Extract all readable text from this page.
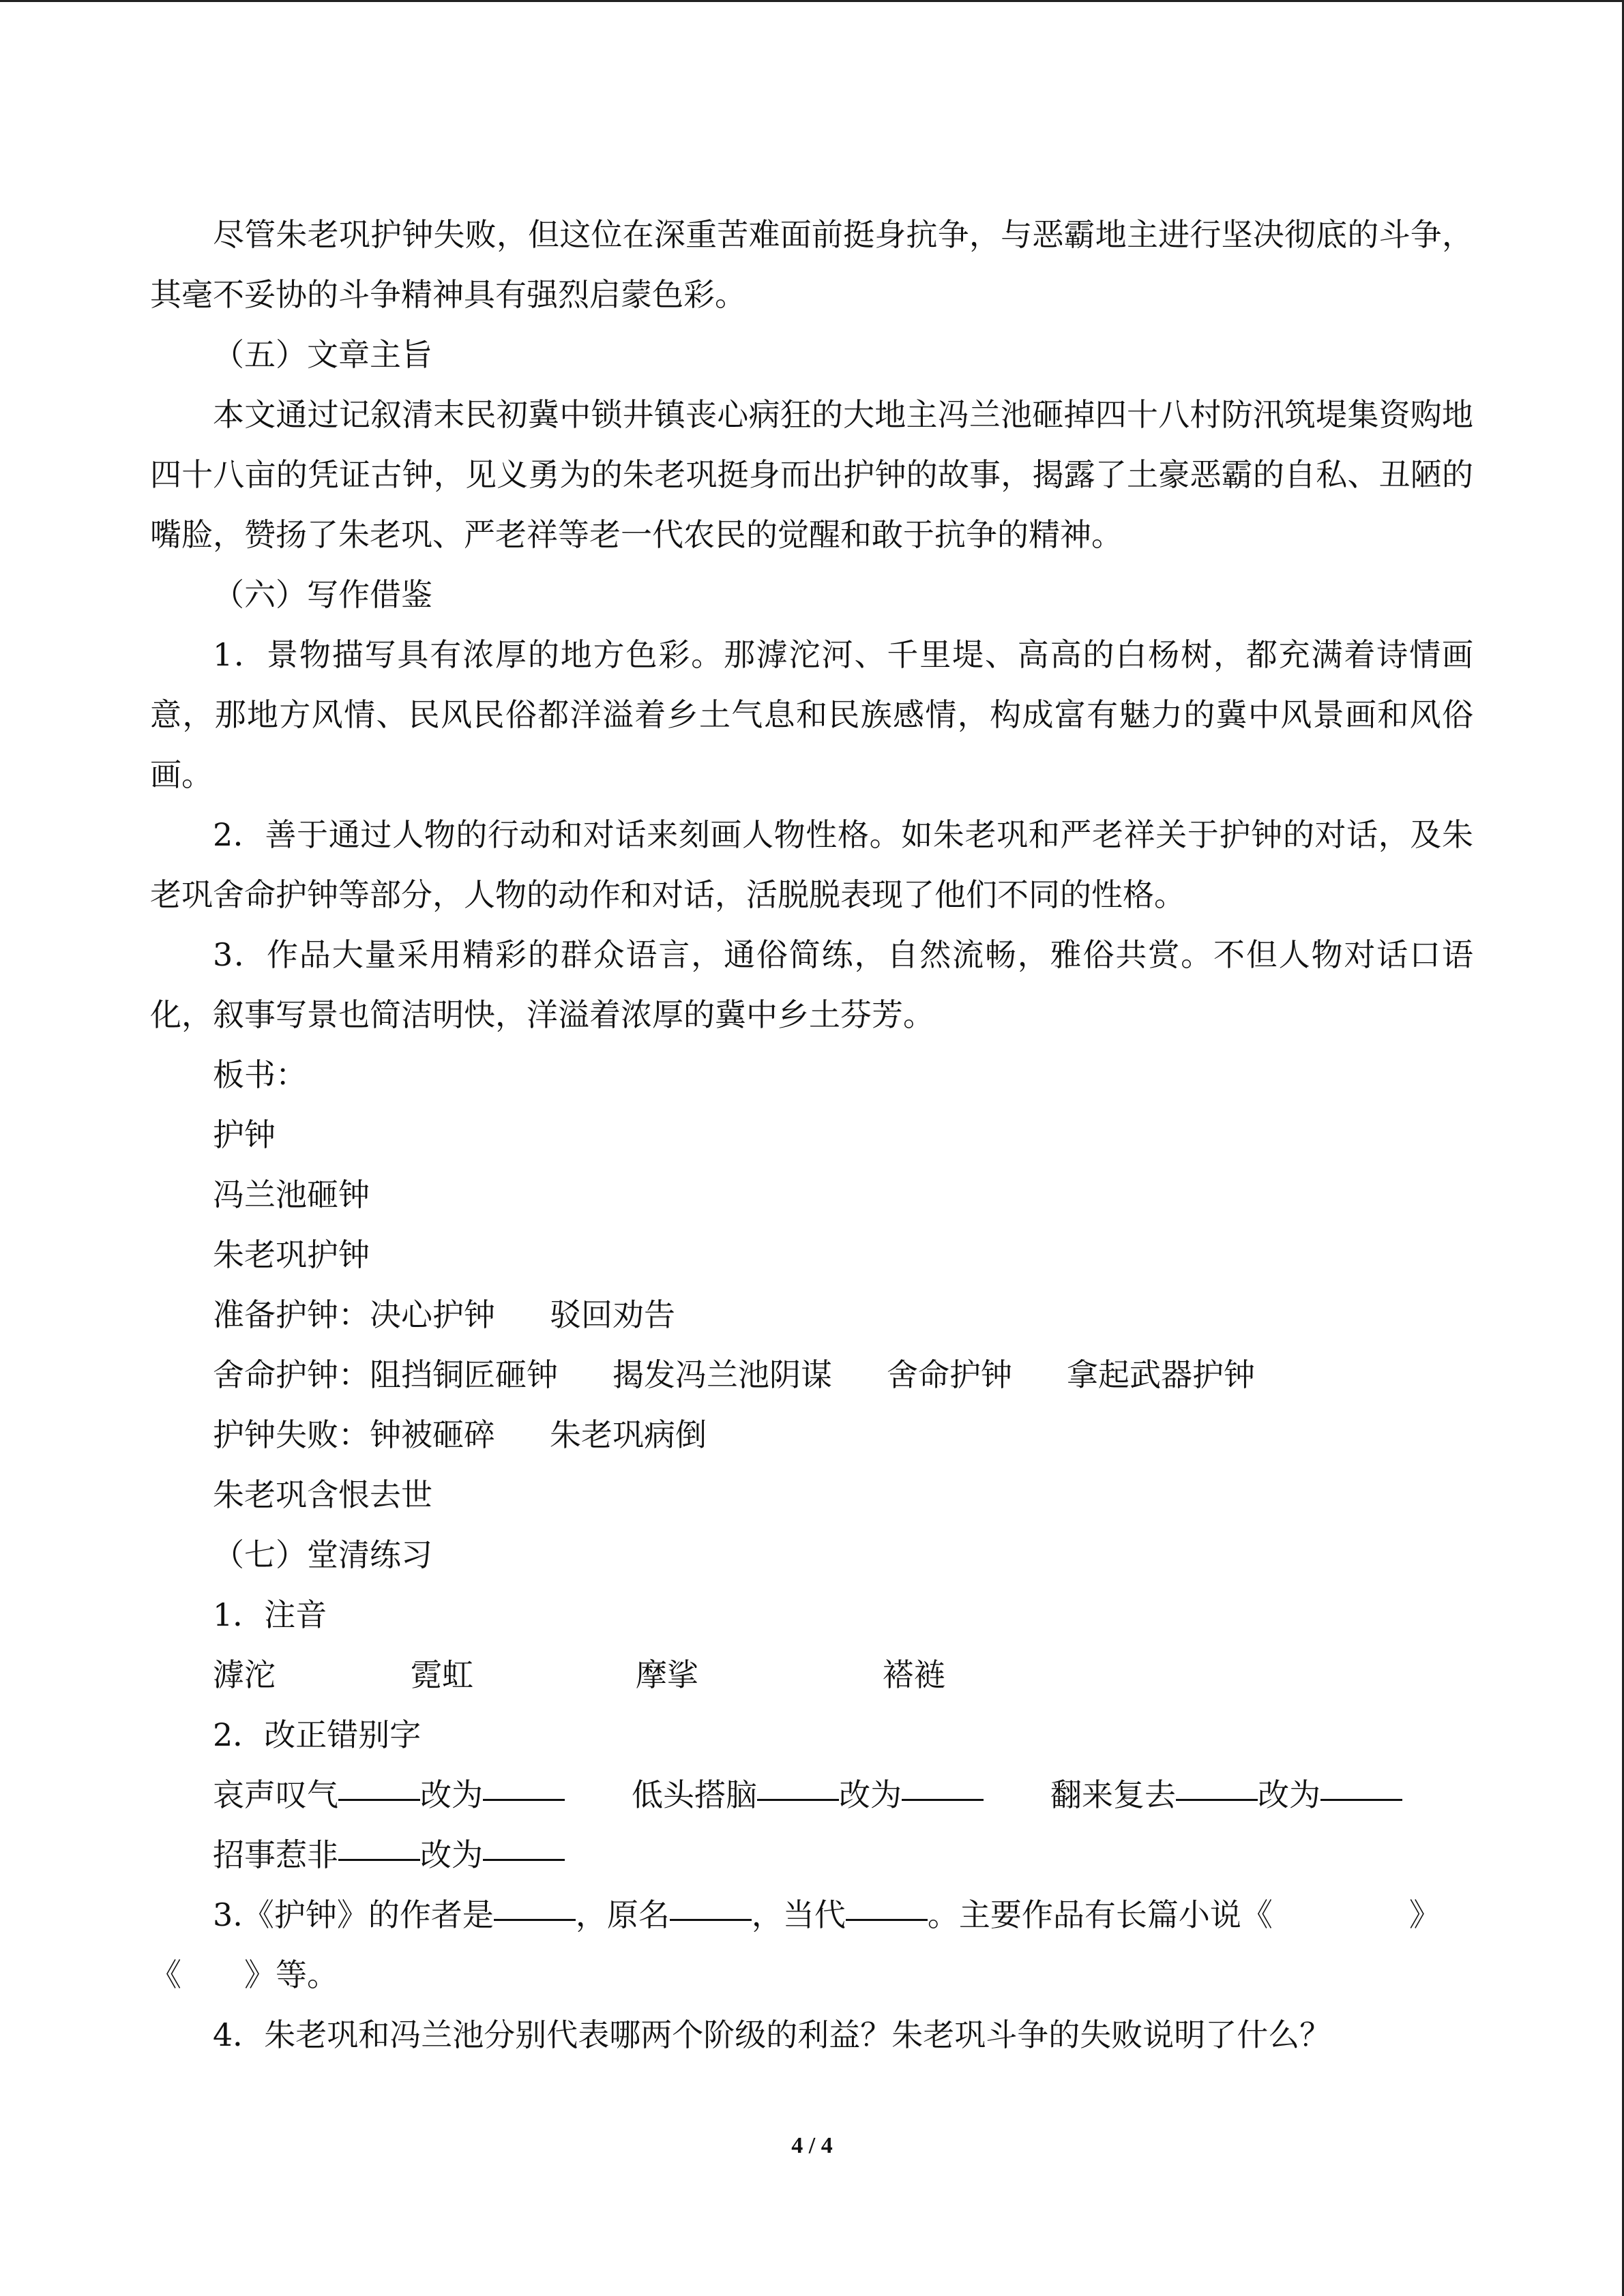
尽管朱老巩护钟失败，但这位在深重苦难面前挺身抗争，与恶霸地主进行坚决彻底的斗争，其毫不妥协的斗争精神具有强烈启蒙色彩。

（五）文章主旨

本文通过记叙清末民初冀中锁井镇丧心病狂的大地主冯兰池砸掉四十八村防汛筑堤集资购地四十八亩的凭证古钟，见义勇为的朱老巩挺身而出护钟的故事，揭露了土豪恶霸的自私、丑陋的嘴脸，赞扬了朱老巩、严老祥等老一代农民的觉醒和敢于抗争的精神。

（六）写作借鉴

1．景物描写具有浓厚的地方色彩。那滹沱河、千里堤、高高的白杨树，都充满着诗情画意，那地方风情、民风民俗都洋溢着乡土气息和民族感情，构成富有魅力的冀中风景画和风俗画。

2．善于通过人物的行动和对话来刻画人物性格。如朱老巩和严老祥关于护钟的对话，及朱老巩舍命护钟等部分，人物的动作和对话，活脱脱表现了他们不同的性格。

3．作品大量采用精彩的群众语言，通俗简练，自然流畅，雅俗共赏。不但人物对话口语化，叙事写景也简洁明快，洋溢着浓厚的冀中乡土芬芳。

板书：

护钟

冯兰池砸钟

朱老巩护钟

准备护钟：决心护钟 驳回劝告
舍命护钟：阻挡铜匠砸钟 揭发冯兰池阴谋 舍命护钟 拿起武器护钟
护钟失败：钟被砸碎 朱老巩病倒

朱老巩含恨去世

（七）堂清练习

1．注音

滹沱	霓虹	摩挲	褡裢

2．改正错别字

哀声叹气	改为	低头搭脑	改为	翻来复去	改为
招事惹非	改为
3.《护钟》的作者是	，原名	，当代	。主要作品有长篇小说《	》

《　　》等。

4．朱老巩和冯兰池分别代表哪两个阶级的利益？朱老巩斗争的失败说明了什么？

4 / 4
